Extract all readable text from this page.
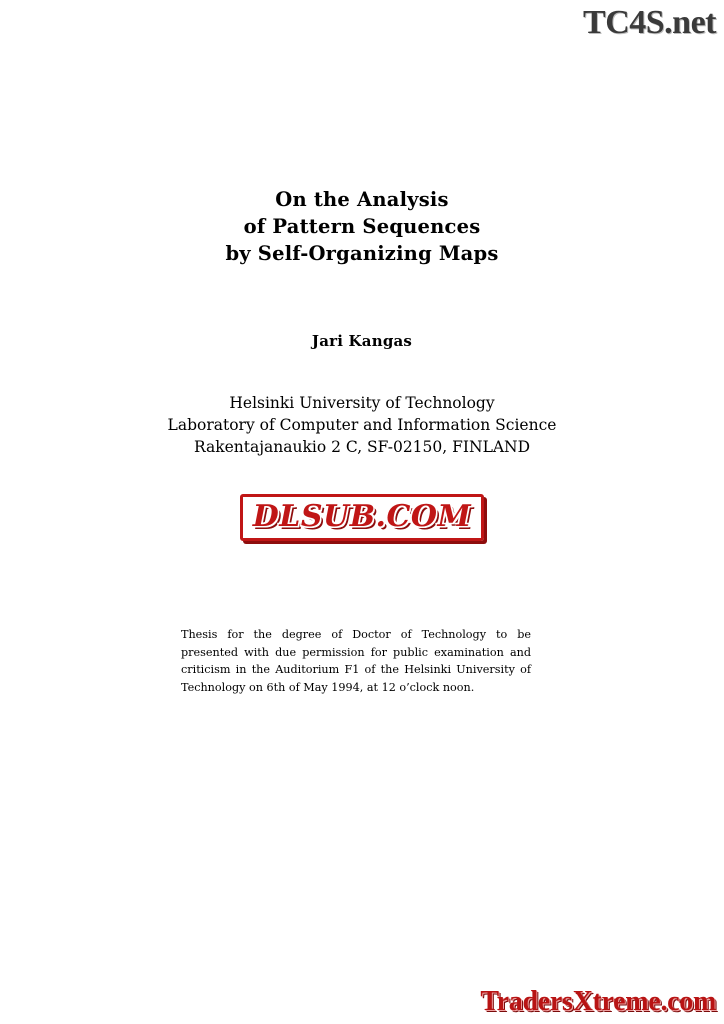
TC4S.net
On the Analysis
of Pattern Sequences
by Self-Organizing Maps
Jari Kangas
Helsinki University of Technology
Laboratory of Computer and Information Science
Rakentajanaukio 2 C, SF-02150, FINLAND
DLSUB.COM
Thesis for the degree of Doctor of Technology to be presented with due permission for public examination and criticism in the Auditorium F1 of the Helsinki University of Technology on 6th of May 1994, at 12 o’clock noon.
TradersXtreme.com
